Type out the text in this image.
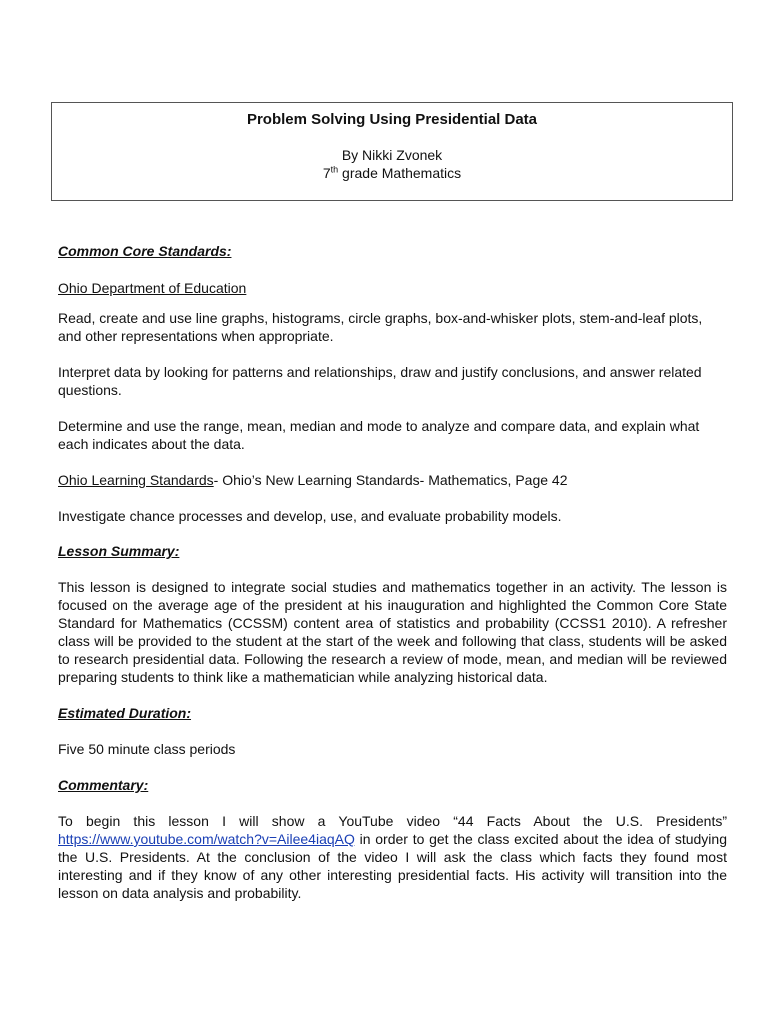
Problem Solving Using Presidential Data
By Nikki Zvonek
7th grade Mathematics

Common Core Standards:

Ohio Department of Education

Read, create and use line graphs, histograms, circle graphs, box-and-whisker plots, stem-and-leaf plots, and other representations when appropriate.

Interpret data by looking for patterns and relationships, draw and justify conclusions, and answer related questions.

Determine and use the range, mean, median and mode to analyze and compare data, and explain what each indicates about the data.

Ohio Learning Standards- Ohio’s New Learning Standards- Mathematics, Page 42

Investigate chance processes and develop, use, and evaluate probability models.

Lesson Summary:

This lesson is designed to integrate social studies and mathematics together in an activity. The lesson is focused on the average age of the president at his inauguration and highlighted the Common Core State Standard for Mathematics (CCSSM) content area of statistics and probability (CCSS1 2010). A refresher class will be provided to the student at the start of the week and following that class, students will be asked to research presidential data. Following the research a review of mode, mean, and median will be reviewed preparing students to think like a mathematician while analyzing historical data.

Estimated Duration:

Five 50 minute class periods

Commentary:

To begin this lesson I will show a YouTube video “44 Facts About the U.S. Presidents” https://www.youtube.com/watch?v=Ailee4iaqAQ in order to get the class excited about the idea of studying the U.S. Presidents. At the conclusion of the video I will ask the class which facts they found most interesting and if they know of any other interesting presidential facts. His activity will transition into the lesson on data analysis and probability.
